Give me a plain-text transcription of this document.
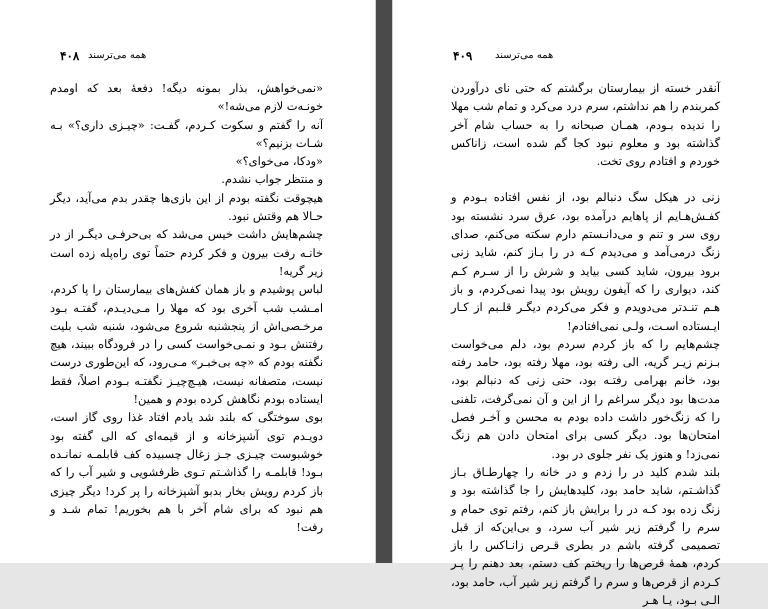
۴۰۸ همه می‌ترسند

«نمی‌خواهش، بذار بمونه دیگه! دفعهٔ بعد که اومدم خونـه‌ت لازم می‌شه!»

آنه را گفتم و سکوت کـردم، گفـت: «چیـزی داری؟» بـه شـات بزنیم؟»

«ودکا، می‌خوای؟»

و منتظر جواب نشدم.

هیچوقت نگفته بودم از این بازی‌ها چقدر بدم می‌آید، دیگر حـالا هم وقتش نبود.

چشم‌هایش داشت خیس می‌شد که بی‌حرفـی دیگـر از در خانـه رفت بیرون و فکر کردم حتماً توی راه‌پله زده است زیر گریه!

لباس پوشیدم و باز همان کفش‌های بیمارستان را پا کردم، امـشب شب آخری بود که مهلا را مـی‌دیـدم، گفتـه بـود مرخـصی‌اش از پنجشنبه شروع می‌شود، شنبه شب بلیت رفتنش بـود و نمـی‌خواست کسی را در فرودگاه ببیند، هیچ نگفته بودم که «چه بی‌خبـر» مـی‌رود، که این‌طوری درست نیست، متصفانه نیست، هیـچ‌چیـز نگفتـه بـودم اصلاً، فقط ایستاده بودم نگاهش کرده بودم و همین!

بوی سوختگی که بلند شد یادم افتاد غذا روی گاز است، دویـدم توی آشپزخانه و از قیمه‌ای که الی گفته بود خوشبوست چیـزی جـز زغال چسبیده کف قابلمـه نمانـده بـود! قابلمـه را گذاشـتم تـوی ظرفشویی و شیر آب را که باز کردم رویش بخار بدبو آشپزخانه را پر کرد! دیگر چیزی هم نبود که برای شام آخر با هم بخوریم! تمام شـد و رفت!

۴۰۹ همه می‌ترسند

آنقدر خسته از بیمارستان برگشتم که حتی نای درآوردن کمربندم را هم نداشتم، سرم درد می‌کرد و تمام شب مهلا را ندیده بـودم، همـان صبحانه را به حساب شام آخر گذاشته بود و معلوم نبود کجا گم شده است، زاناکس خوردم و افتادم روی تخت.

زنی در هیکل سگ دنبالم بود، از نفس افتاده بـودم و کفـش‌هـایم از پاهایم درآمده بود، عرق سرد نشسته بود روی سر و تنم و می‌دانـستم دارم سکته می‌کنم، صدای زنگ درمی‌آمد و می‌دیدم کـه در را بـاز کنم، شاید زنی برود بیرون، شاید کسی بیاید و شرش را از سـرم کـم کند، دیواری را که آیفون رویش بود پیدا نمی‌کردم، و باز هـم تنـدتر می‌دویدم و فکر می‌کردم دیگـر قلـبم از کـار ایـستاده اسـت، ولـی نمی‌افتادم!

چشم‌هایم را که باز کردم سردم بود، دلم می‌خواست بـزنم زیـر گریه، الی رفته بود، مهلا رفته بود، حامد رفته بود، خانم بهرامی رفتـه بود، حتی زنی که دنبالم بود، مدت‌ها بود دیگر سراغم را از این و آن نمی‌گرفت، تلفنی را که زنگ‌خور داشت داده بودم به محسن و آخـر فصل امتحان‌ها بود. دیگر کسی برای امتحان دادن هم زنگ نمی‌زد! و هنوز یک نفر جلوی در بود.

بلند شدم کلید در را زدم و در خانه را چهارطـاق بـاز گذاشـتم، شاید حامد بود، کلیدهایش را جا گذاشته بود و زنگ زده بود کـه در را برایش باز کنم، رفتم توی حمام و سرم را گرفتم زیر شیر آب سرد، و بی‌این‌که از قبل تصمیمی گرفته باشم در بطری قـرص زانـاکس را باز کردم، همهٔ قرص‌ها را ریختم کف دستم، بعد دهنم را پـر کـردم از قرص‌ها و سرم را گرفتم زیر شیر آب، حامد بود، الـی بـود، یـا هـر
